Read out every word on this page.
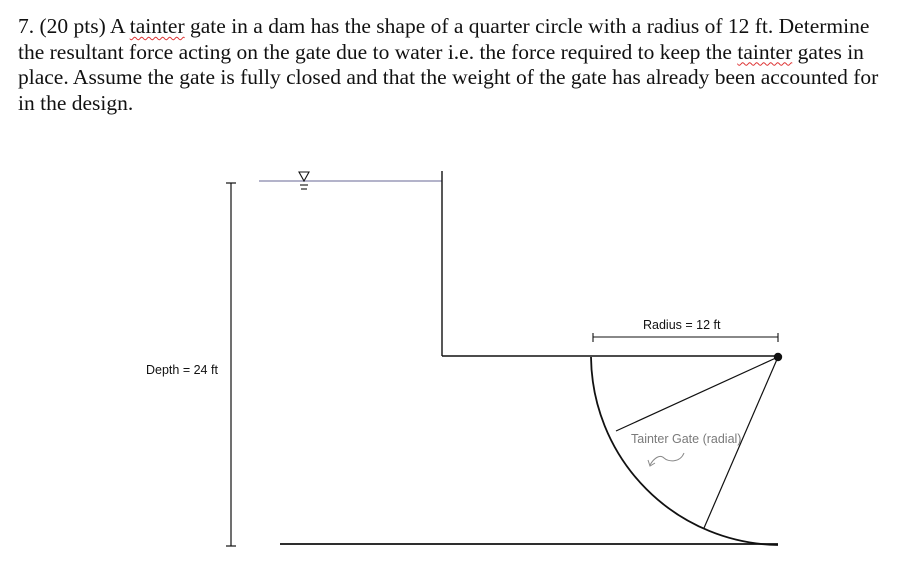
7. (20 pts) A tainter gate in a dam has the shape of a quarter circle with a radius of 12 ft. Determine the resultant force acting on the gate due to water i.e. the force required to keep the tainter gates in place. Assume the gate is fully closed and that the weight of the gate has already been accounted for in the design.

Depth = 24 ft
Radius = 12 ft
Tainter Gate (radial)
